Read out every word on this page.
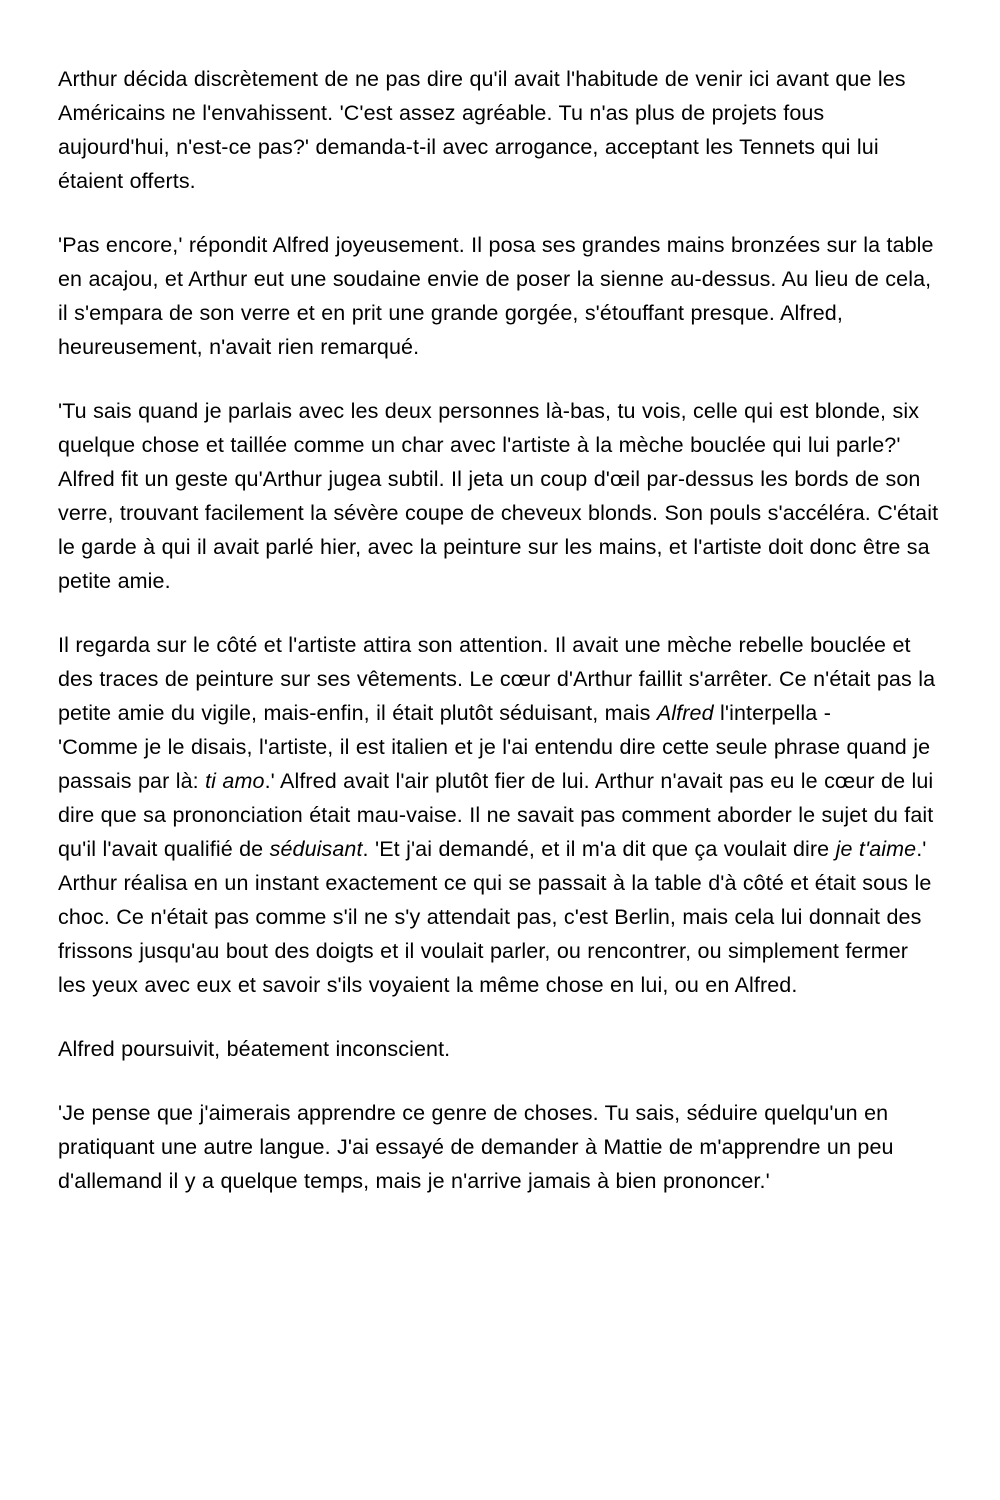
Arthur décida discrètement de ne pas dire qu'il avait l'habitude de venir ici avant que les Américains ne l'envahissent. 'C'est assez agréable. Tu n'as plus de projets fous aujourd'hui, n'est-ce pas?' demanda-t-il avec arrogance, acceptant les Tennets qui lui étaient offerts.

'Pas encore,' répondit Alfred joyeusement. Il posa ses grandes mains bronzées sur la table en acajou, et Arthur eut une soudaine envie de poser la sienne au-dessus. Au lieu de cela, il s'empara de son verre et en prit une grande gorgée, s'étouffant presque. Alfred, heureusement, n'avait rien remarqué.

'Tu sais quand je parlais avec les deux personnes là-bas, tu vois, celle qui est blonde, six quelque chose et taillée comme un char avec l'artiste à la mèche bouclée qui lui parle?' Alfred fit un geste qu'Arthur jugea subtil. Il jeta un coup d'œil par-dessus les bords de son verre, trouvant facilement la sévère coupe de cheveux blonds. Son pouls s'accéléra. C'était le garde à qui il avait parlé hier, avec la peinture sur les mains, et l'artiste doit donc être sa petite amie.

Il regarda sur le côté et l'artiste attira son attention. Il avait une mèche rebelle bouclée et des traces de peinture sur ses vêtements. Le cœur d'Arthur faillit s'arrêter. Ce n'était pas la petite amie du vigile, mais-enfin, il était plutôt séduisant, mais Alfred l'interpella -
'Comme je le disais, l'artiste, il est italien et je l'ai entendu dire cette seule phrase quand je passais par là: ti amo.' Alfred avait l'air plutôt fier de lui. Arthur n'avait pas eu le cœur de lui dire que sa prononciation était mau-vaise. Il ne savait pas comment aborder le sujet du fait qu'il l'avait qualifié de séduisant. 'Et j'ai demandé, et il m'a dit que ça voulait dire je t'aime.' Arthur réalisa en un instant exactement ce qui se passait à la table d'à côté et était sous le choc. Ce n'était pas comme s'il ne s'y attendait pas, c'est Berlin, mais cela lui donnait des frissons jusqu'au bout des doigts et il voulait parler, ou rencontrer, ou simplement fermer les yeux avec eux et savoir s'ils voyaient la même chose en lui, ou en Alfred.

Alfred poursuivit, béatement inconscient.

'Je pense que j'aimerais apprendre ce genre de choses. Tu sais, séduire quelqu'un en pratiquant une autre langue. J'ai essayé de demander à Mattie de m'apprendre un peu d'allemand il y a quelque temps, mais je n'arrive jamais à bien prononcer.'
